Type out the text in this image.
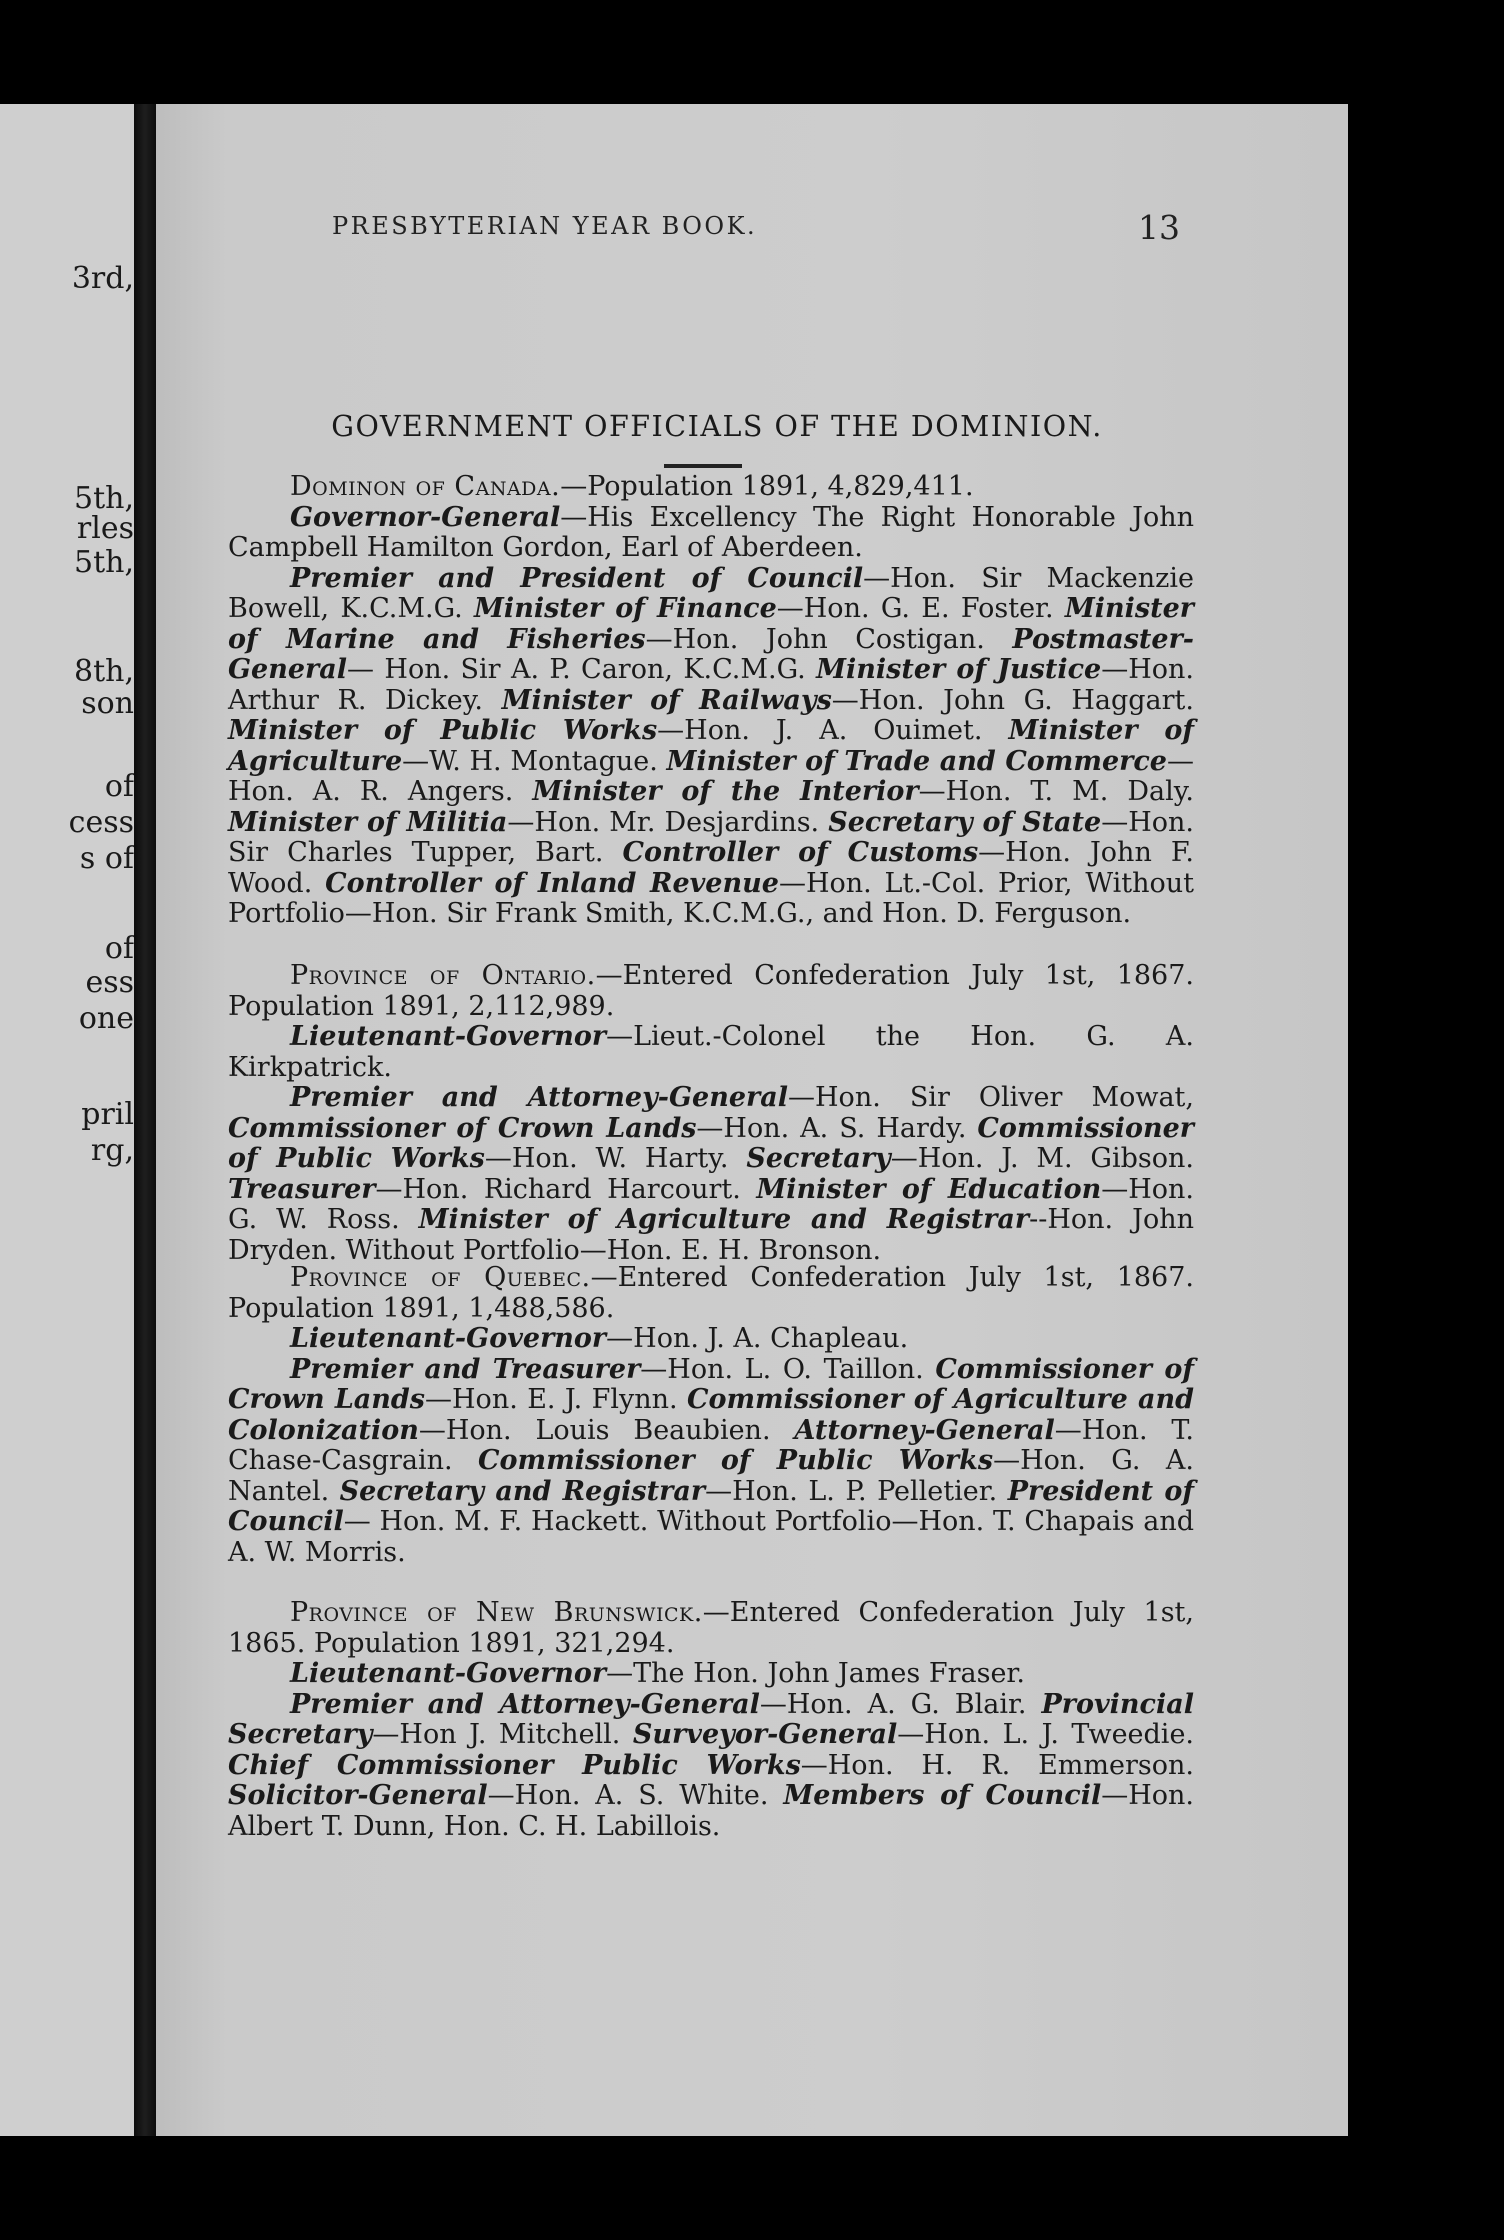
3rd,
5th,
rles
5th,
8th,
son
of
cess
s of
of
ess
one
pril
rg,
PRESBYTERIAN YEAR BOOK.	13
GOVERNMENT OFFICIALS OF THE DOMINION.

Dominon of Canada.—Population 1891, 4,829,411.

Governor-General—His Excellency The Right Honorable John Campbell Hamilton Gordon, Earl of Aberdeen.

Premier and President of Council—Hon. Sir Mackenzie Bowell, K.C.M.G. Minister of Finance—Hon. G. E. Foster. Minister of Marine and Fisheries—Hon. John Costigan. Postmaster-General— Hon. Sir A. P. Caron, K.C.M.G. Minister of Justice—Hon. Arthur R. Dickey. Minister of Railways—Hon. John G. Haggart. Minister of Public Works—Hon. J. A. Ouimet. Minister of Agriculture—W. H. Montague. Minister of Trade and Commerce—Hon. A. R. Angers. Minister of the Interior—Hon. T. M. Daly. Minister of Militia—Hon. Mr. Desjardins. Secretary of State—Hon. Sir Charles Tupper, Bart. Controller of Customs—Hon. John F. Wood. Controller of Inland Revenue—Hon. Lt.-Col. Prior, Without Portfolio—Hon. Sir Frank Smith, K.C.M.G., and Hon. D. Ferguson.

Province of Ontario.—Entered Confederation July 1st, 1867. Population 1891, 2,112,989.

Lieutenant-Governor—Lieut.-Colonel the Hon. G. A. Kirkpatrick.

Premier and Attorney-General—Hon. Sir Oliver Mowat, Commissioner of Crown Lands—Hon. A. S. Hardy. Commissioner of Public Works—Hon. W. Harty. Secretary—Hon. J. M. Gibson. Treasurer—Hon. Richard Harcourt. Minister of Education—Hon. G. W. Ross. Minister of Agriculture and Registrar--Hon. John Dryden. Without Portfolio—Hon. E. H. Bronson.

Province of Quebec.—Entered Confederation July 1st, 1867. Population 1891, 1,488,586.

Lieutenant-Governor—Hon. J. A. Chapleau.

Premier and Treasurer—Hon. L. O. Taillon. Commissioner of Crown Lands—Hon. E. J. Flynn. Commissioner of Agriculture and Colonization—Hon. Louis Beaubien. Attorney-General—Hon. T. Chase-Casgrain. Commissioner of Public Works—Hon. G. A. Nantel. Secretary and Registrar—Hon. L. P. Pelletier. President of Council— Hon. M. F. Hackett. Without Portfolio—Hon. T. Chapais and A. W. Morris.

Province of New Brunswick.—Entered Confederation July 1st, 1865. Population 1891, 321,294.

Lieutenant-Governor—The Hon. John James Fraser.

Premier and Attorney-General—Hon. A. G. Blair. Provincial Secretary—Hon J. Mitchell. Surveyor-General—Hon. L. J. Tweedie. Chief Commissioner Public Works—Hon. H. R. Emmerson. Solicitor-General—Hon. A. S. White. Members of Council—Hon. Albert T. Dunn, Hon. C. H. Labillois.
